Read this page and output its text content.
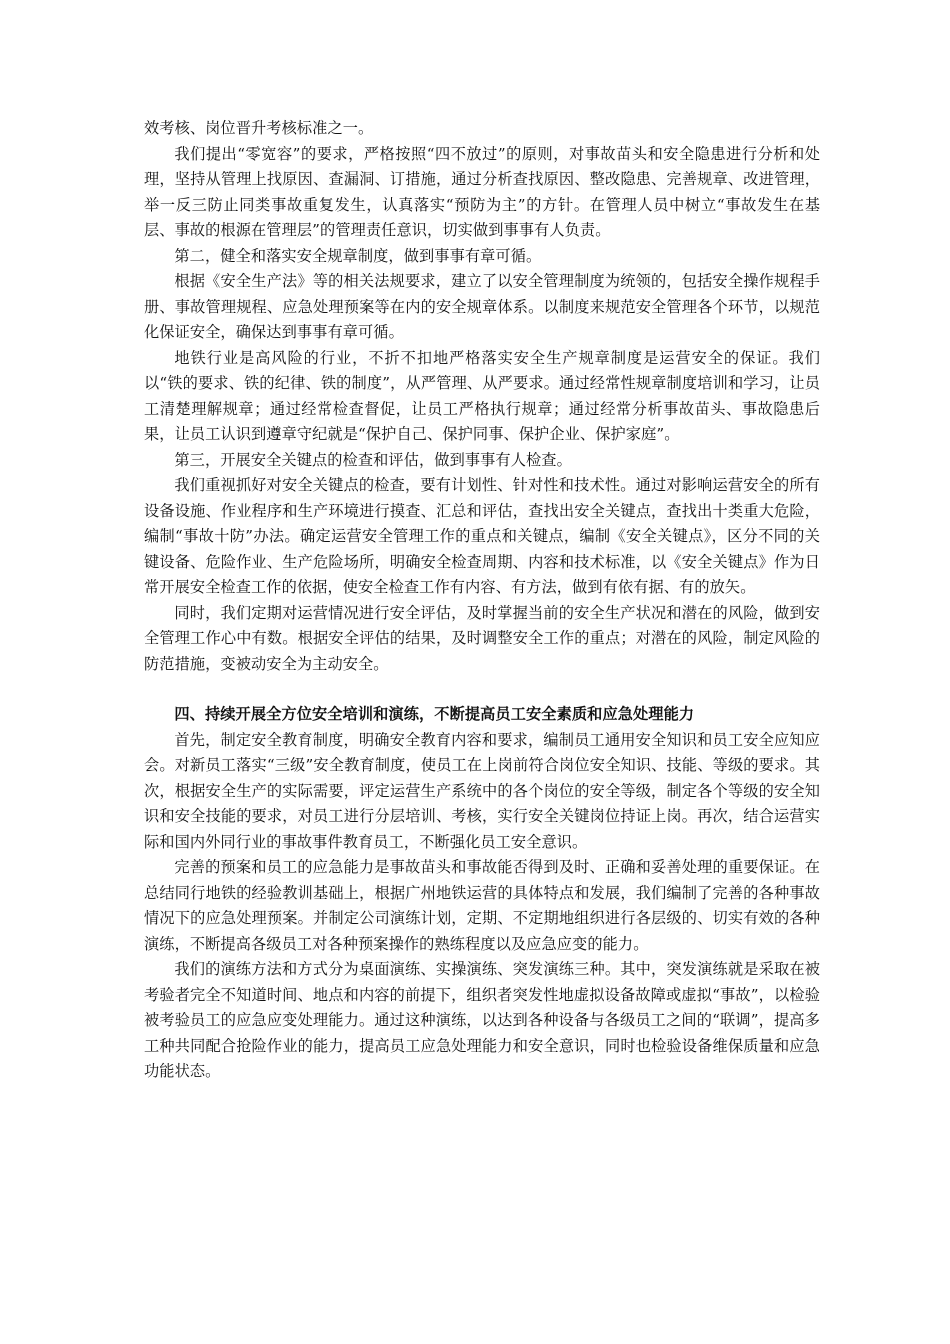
效考核、岗位晋升考核标准之一。

我们提出“零宽容”的要求，严格按照“四不放过”的原则，对事故苗头和安全隐患进行分析和处理，坚持从管理上找原因、查漏洞、订措施，通过分析查找原因、整改隐患、完善规章、改进管理，举一反三防止同类事故重复发生，认真落实“预防为主”的方针。在管理人员中树立“事故发生在基层、事故的根源在管理层”的管理责任意识，切实做到事事有人负责。

第二，健全和落实安全规章制度，做到事事有章可循。

根据《安全生产法》等的相关法规要求，建立了以安全管理制度为统领的，包括安全操作规程手册、事故管理规程、应急处理预案等在内的安全规章体系。以制度来规范安全管理各个环节，以规范化保证安全，确保达到事事有章可循。

地铁行业是高风险的行业，不折不扣地严格落实安全生产规章制度是运营安全的保证。我们以“铁的要求、铁的纪律、铁的制度”，从严管理、从严要求。通过经常性规章制度培训和学习，让员工清楚理解规章；通过经常检查督促，让员工严格执行规章；通过经常分析事故苗头、事故隐患后果，让员工认识到遵章守纪就是“保护自己、保护同事、保护企业、保护家庭”。

第三，开展安全关键点的检查和评估，做到事事有人检查。

我们重视抓好对安全关键点的检查，要有计划性、针对性和技术性。通过对影响运营安全的所有设备设施、作业程序和生产环境进行摸查、汇总和评估，查找出安全关键点，查找出十类重大危险，编制“事故十防”办法。确定运营安全管理工作的重点和关键点，编制《安全关键点》，区分不同的关键设备、危险作业、生产危险场所，明确安全检查周期、内容和技术标准，以《安全关键点》作为日常开展安全检查工作的依据，使安全检查工作有内容、有方法，做到有依有据、有的放矢。

同时，我们定期对运营情况进行安全评估，及时掌握当前的安全生产状况和潜在的风险，做到安全管理工作心中有数。根据安全评估的结果，及时调整安全工作的重点；对潜在的风险，制定风险的防范措施，变被动安全为主动安全。

四、持续开展全方位安全培训和演练，不断提高员工安全素质和应急处理能力

首先，制定安全教育制度，明确安全教育内容和要求，编制员工通用安全知识和员工安全应知应会。对新员工落实“三级”安全教育制度，使员工在上岗前符合岗位安全知识、技能、等级的要求。其次，根据安全生产的实际需要，评定运营生产系统中的各个岗位的安全等级，制定各个等级的安全知识和安全技能的要求，对员工进行分层培训、考核，实行安全关键岗位持证上岗。再次，结合运营实际和国内外同行业的事故事件教育员工，不断强化员工安全意识。

完善的预案和员工的应急能力是事故苗头和事故能否得到及时、正确和妥善处理的重要保证。在总结同行地铁的经验教训基础上，根据广州地铁运营的具体特点和发展，我们编制了完善的各种事故情况下的应急处理预案。并制定公司演练计划，定期、不定期地组织进行各层级的、切实有效的各种演练，不断提高各级员工对各种预案操作的熟练程度以及应急应变的能力。

我们的演练方法和方式分为桌面演练、实操演练、突发演练三种。其中，突发演练就是采取在被考验者完全不知道时间、地点和内容的前提下，组织者突发性地虚拟设备故障或虚拟“事故”，以检验被考验员工的应急应变处理能力。通过这种演练，以达到各种设备与各级员工之间的“联调”，提高多工种共同配合抢险作业的能力，提高员工应急处理能力和安全意识，同时也检验设备维保质量和应急功能状态。
